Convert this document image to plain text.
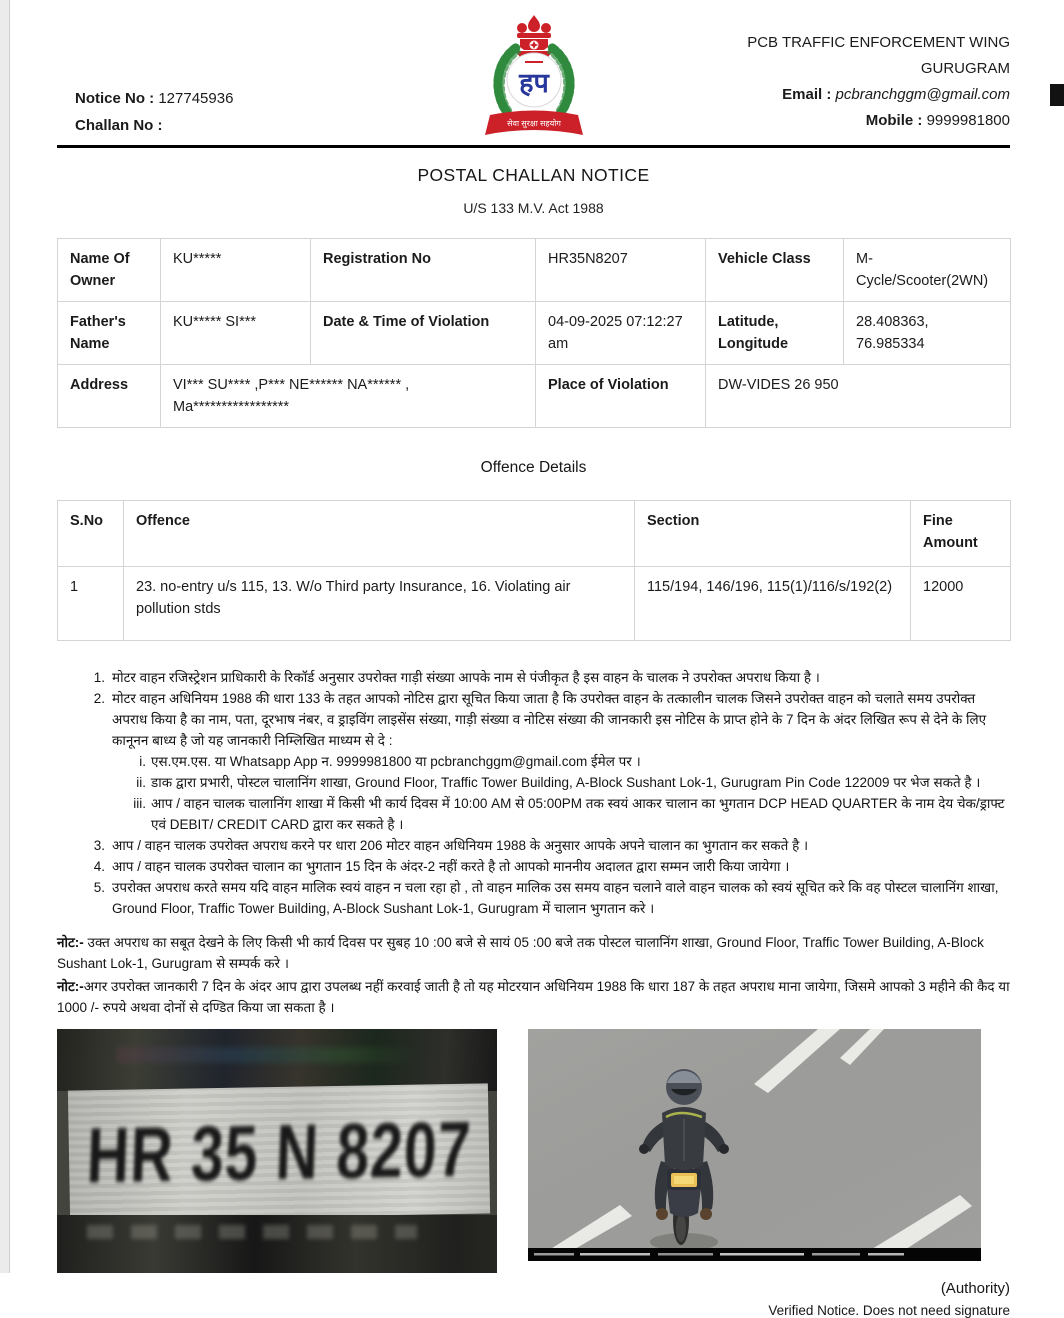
Notice No : 127745936
Challan No :
हप
सेवा सुरक्षा सहयोग
PCB TRAFFIC ENFORCEMENT WING
GURUGRAM
Email : pcbranchggm@gmail.com
Mobile : 9999981800
POSTAL CHALLAN NOTICE
U/S 133 M.V. Act 1988
Name Of Owner	KU*****	Registration No	HR35N8207	Vehicle Class	M-Cycle/Scooter(2WN)
Father's Name	KU***** SI***	Date & Time of Violation	04-09-2025 07:12:27 am	Latitude, Longitude	28.408363, 76.985334
Address	VI*** SU**** ,P*** NE****** NA****** , Ma*****************		Place of Violation	DW-VIDES 26 950	
Offence Details
S.No	Offence	Section	Fine Amount
1	23. no-entry u/s 115, 13. W/o Third party Insurance, 16. Violating air pollution stds	115/194, 146/196, 115(1)/116/s/192(2)	12000
1. मोटर वाहन रजिस्ट्रेशन प्राधिकारी के रिकॉर्ड अनुसार उपरोक्त गाड़ी संख्या आपके नाम से पंजीकृत है इस वाहन के चालक ने उपरोक्त अपराध किया है ।
2. मोटर वाहन अधिनियम 1988 की धारा 133 के तहत आपको नोटिस द्वारा सूचित किया जाता है कि उपरोक्त वाहन के तत्कालीन चालक जिसने उपरोक्त वाहन को चलाते समय उपरोक्त अपराध किया है का नाम, पता, दूरभाष नंबर, व ड्राइविंग लाइसेंस संख्या, गाड़ी संख्या व नोटिस संख्या की जानकारी इस नोटिस के प्राप्त होने के 7 दिन के अंदर लिखित रूप से देने के लिए कानूनन बाध्य है जो यह जानकारी निम्लिखित माध्यम से दे :
i. एस.एम.एस. या Whatsapp App न. 9999981800 या pcbranchggm@gmail.com ईमेल पर ।
ii. डाक द्वारा प्रभारी, पोस्टल चालानिंग शाखा, Ground Floor, Traffic Tower Building, A-Block Sushant Lok-1, Gurugram Pin Code 122009 पर भेज सकते है ।
iii. आप / वाहन चालक चालानिंग शाखा में किसी भी कार्य दिवस में 10:00 AM से 05:00PM तक स्वयं आकर चालान का भुगतान DCP HEAD QUARTER के नाम देय चेक/ड्राफ्ट एवं DEBIT/ CREDIT CARD द्वारा कर सकते है ।
3. आप / वाहन चालक उपरोक्त अपराध करने पर धारा 206 मोटर वाहन अधिनियम 1988 के अनुसार आपके अपने चालान का भुगतान कर सकते है ।
4. आप / वाहन चालक उपरोक्त चालान का भुगतान 15 दिन के अंदर-2 नहीं करते है तो आपको माननीय अदालत द्वारा सम्मन जारी किया जायेगा ।
5. उपरोक्त अपराध करते समय यदि वाहन मालिक स्वयं वाहन न चला रहा हो , तो वाहन मालिक उस समय वाहन चलाने वाले वाहन चालक को स्वयं सूचित करे कि वह पोस्टल चालानिंग शाखा, Ground Floor, Traffic Tower Building, A-Block Sushant Lok-1, Gurugram में चालान भुगतान करे ।
नोट:- उक्त अपराध का सबूत देखने के लिए किसी भी कार्य दिवस पर सुबह 10 :00 बजे से सायं 05 :00 बजे तक पोस्टल चालानिंग शाखा, Ground Floor, Traffic Tower Building, A-Block Sushant Lok-1, Gurugram से सम्पर्क करे ।
नोट:-अगर उपरोक्त जानकारी 7 दिन के अंदर आप द्वारा उपलब्ध नहीं करवाई जाती है तो यह मोटरयान अधिनियम 1988 कि धारा 187 के तहत अपराध माना जायेगा, जिसमे आपको 3 महीने की कैद या 1000 /- रुपये अथवा दोनों से दण्डित किया जा सकता है ।
HR 35 N 8207
(Authority)
Verified Notice. Does not need signature
